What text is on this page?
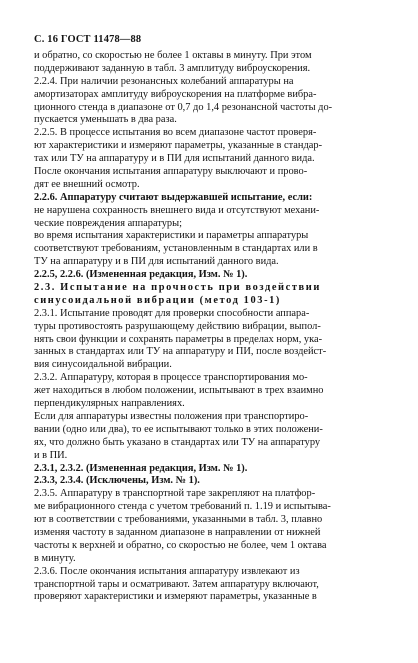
С. 16 ГОСТ 11478—88
и обратно, со скоростью не более 1 октавы в минуту. При этом
поддерживают заданную в табл. 3 амплитуду виброускорения.
2.2.4. При наличии резонансных колебаний аппаратуры на
амортизаторах амплитуду виброускорения на платформе вибра-
ционного стенда в диапазоне от 0,7 до 1,4 резонансной частоты до-
пускается уменьшать в два раза.
2.2.5. В процессе испытания во всем диапазоне частот проверя-
ют характеристики и измеряют параметры, указанные в стандар-
тах или ТУ на аппаратуру и в ПИ для испытаний данного вида.
После окончания испытания аппаратуру выключают и прово-
дят ее внешний осмотр.
2.2.6. Аппаратуру считают выдержавшей испытание, если:
не нарушена сохранность внешнего вида и отсутствуют механи-
ческие повреждения аппаратуры;
во время испытания характеристики и параметры аппаратуры
соответствуют требованиям, установленным в стандартах или в
ТУ на аппаратуру и в ПИ для испытаний данного вида.
2.2.5, 2.2.6. (Измененная редакция, Изм. № 1).
2.3. Испытание на прочность при воздействии
синусоидальной вибрации (метод 103-1)
2.3.1. Испытание проводят для проверки способности аппара-
туры противостоять разрушающему действию вибрации, выпол-
нять свои функции и сохранять параметры в пределах норм, ука-
занных в стандартах или ТУ на аппаратуру и ПИ, после воздейст-
вия синусоидальной вибрации.
2.3.2. Аппаратуру, которая в процессе транспортирования мо-
жет находиться в любом положении, испытывают в трех взаимно
перпендикулярных направлениях.
Если для аппаратуры известны положения при транспортиро-
вании (одно или два), то ее испытывают только в этих положени-
ях, что должно быть указано в стандартах или ТУ на аппаратуру
и в ПИ.
2.3.1, 2.3.2. (Измененная редакция, Изм. № 1).
2.3.3, 2.3.4. (Исключены, Изм. № 1).
2.3.5. Аппаратуру в транспортной таре закрепляют на платфор-
ме вибрационного стенда с учетом требований п. 1.19 и испытыва-
ют в соответствии с требованиями, указанными в табл. 3, плавно
изменяя частоту в заданном диапазоне в направлении от нижней
частоты к верхней и обратно, со скоростью не более, чем 1 октава
в минуту.
2.3.6. После окончания испытания аппаратуру извлекают из
транспортной тары и осматривают. Затем аппаратуру включают,
проверяют характеристики и измеряют параметры, указанные в
